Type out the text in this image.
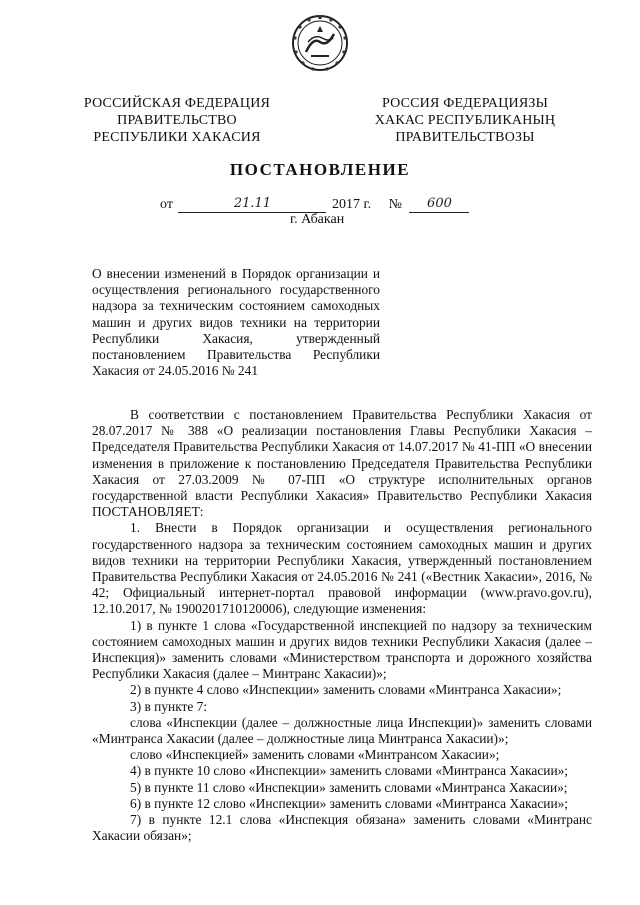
РОССИЙСКАЯ ФЕДЕРАЦИЯ
ПРАВИТЕЛЬСТВО
РЕСПУБЛИКИ ХАКАСИЯ
РОССИЯ ФЕДЕРАЦИЯЗЫ
ХАКАС РЕСПУБЛИКАНЫҢ
ПРАВИТЕЛЬСТВОЗЫ
ПОСТАНОВЛЕНИЕ
от	21.11	2017 г. № 600
г. Абакан
О внесении изменений в Порядок организации и осуществления регионального государственного надзора за техническим состоянием самоходных машин и других видов техники на территории Республики Хакасия, утвержденный постановлением Правительства Республики Хакасия от 24.05.2016 № 241

В соответствии с постановлением Правительства Республики Хакасия от 28.07.2017 № 388 «О реализации постановления Главы Республики Хакасия – Председателя Правительства Республики Хакасия от 14.07.2017 № 41-ПП «О внесении изменения в приложение к постановлению Председателя Правительства Республики Хакасия от 27.03.2009 № 07-ПП «О структуре исполнительных органов государственной власти Республики Хакасия» Правительство Республики Хакасия ПОСТАНОВЛЯЕТ:

1. Внести в Порядок организации и осуществления регионального государственного надзора за техническим состоянием самоходных машин и других видов техники на территории Республики Хакасия, утвержденный постановлением Правительства Республики Хакасия от 24.05.2016 № 241 («Вестник Хакасии», 2016, № 42; Официальный интернет-портал правовой информации (www.pravo.gov.ru), 12.10.2017, № 1900201710120006), следующие изменения:

1) в пункте 1 слова «Государственной инспекцией по надзору за техническим состоянием самоходных машин и других видов техники Республики Хакасия (далее – Инспекция)» заменить словами «Министерством транспорта и дорожного хозяйства Республики Хакасия (далее – Минтранс Хакасии)»;

2) в пункте 4 слово «Инспекции» заменить словами «Минтранса Хакасии»;

3) в пункте 7:

слова «Инспекции (далее – должностные лица Инспекции)» заменить словами «Минтранса Хакасии (далее – должностные лица Минтранса Хакасии)»;

слово «Инспекцией» заменить словами «Минтрансом Хакасии»;

4) в пункте 10 слово «Инспекции» заменить словами «Минтранса Хакасии»;

5) в пункте 11 слово «Инспекции» заменить словами «Минтранса Хакасии»;

6) в пункте 12 слово «Инспекции» заменить словами «Минтранса Хакасии»;

7) в пункте 12.1 слова «Инспекция обязана» заменить словами «Минтранс Хакасии обязан»;
